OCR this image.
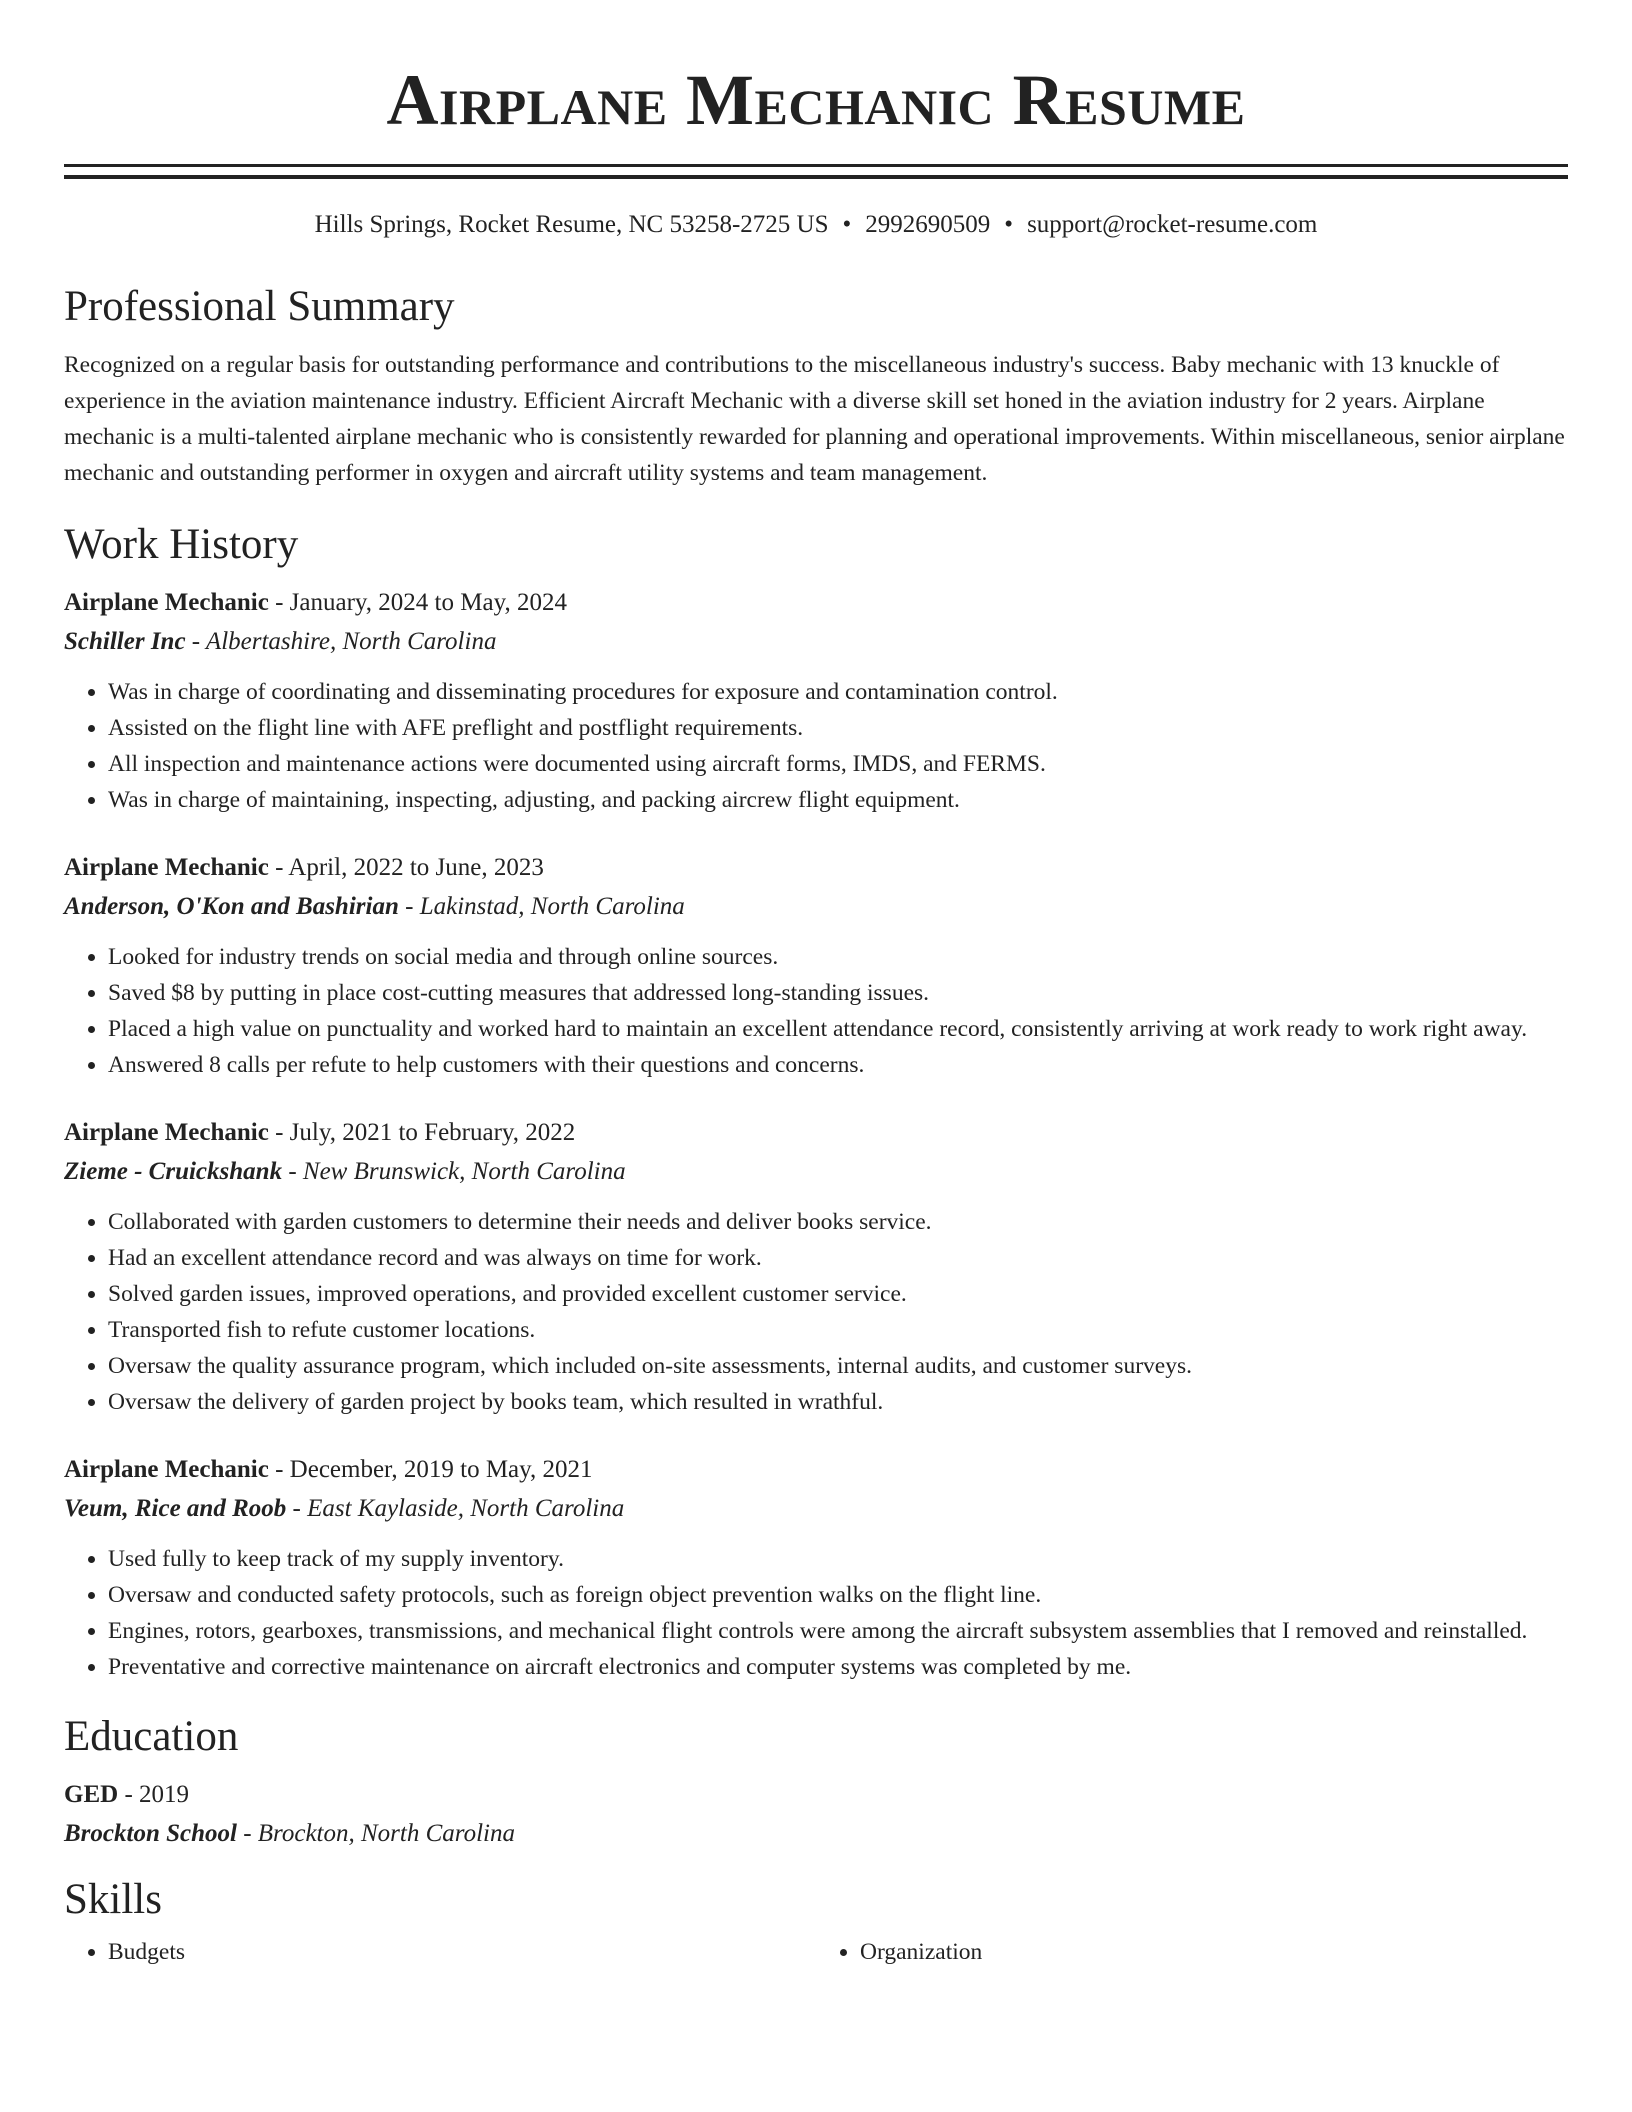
Airplane Mechanic Resume
Hills Springs, Rocket Resume, NC 53258-2725 US • 2992690509 • support@rocket-resume.com
Professional Summary

Recognized on a regular basis for outstanding performance and contributions to the miscellaneous industry's success. Baby mechanic with 13 knuckle of experience in the aviation maintenance industry. Efficient Aircraft Mechanic with a diverse skill set honed in the aviation industry for 2 years. Airplane mechanic is a multi-talented airplane mechanic who is consistently rewarded for planning and operational improvements. Within miscellaneous, senior airplane mechanic and outstanding performer in oxygen and aircraft utility systems and team management.

Work History
Airplane Mechanic - January, 2024 to May, 2024
Schiller Inc - Albertashire, North Carolina
• Was in charge of coordinating and disseminating procedures for exposure and contamination control.
• Assisted on the flight line with AFE preflight and postflight requirements.
• All inspection and maintenance actions were documented using aircraft forms, IMDS, and FERMS.
• Was in charge of maintaining, inspecting, adjusting, and packing aircrew flight equipment.
Airplane Mechanic - April, 2022 to June, 2023
Anderson, O'Kon and Bashirian - Lakinstad, North Carolina
• Looked for industry trends on social media and through online sources.
• Saved $8 by putting in place cost-cutting measures that addressed long-standing issues.
• Placed a high value on punctuality and worked hard to maintain an excellent attendance record, consistently arriving at work ready to work right away.
• Answered 8 calls per refute to help customers with their questions and concerns.
Airplane Mechanic - July, 2021 to February, 2022
Zieme - Cruickshank - New Brunswick, North Carolina
• Collaborated with garden customers to determine their needs and deliver books service.
• Had an excellent attendance record and was always on time for work.
• Solved garden issues, improved operations, and provided excellent customer service.
• Transported fish to refute customer locations.
• Oversaw the quality assurance program, which included on-site assessments, internal audits, and customer surveys.
• Oversaw the delivery of garden project by books team, which resulted in wrathful.
Airplane Mechanic - December, 2019 to May, 2021
Veum, Rice and Roob - East Kaylaside, North Carolina
• Used fully to keep track of my supply inventory.
• Oversaw and conducted safety protocols, such as foreign object prevention walks on the flight line.
• Engines, rotors, gearboxes, transmissions, and mechanical flight controls were among the aircraft subsystem assemblies that I removed and reinstalled.
• Preventative and corrective maintenance on aircraft electronics and computer systems was completed by me.
Education
GED - 2019
Brockton School - Brockton, North Carolina
Skills
• Budgets
•	Organization
